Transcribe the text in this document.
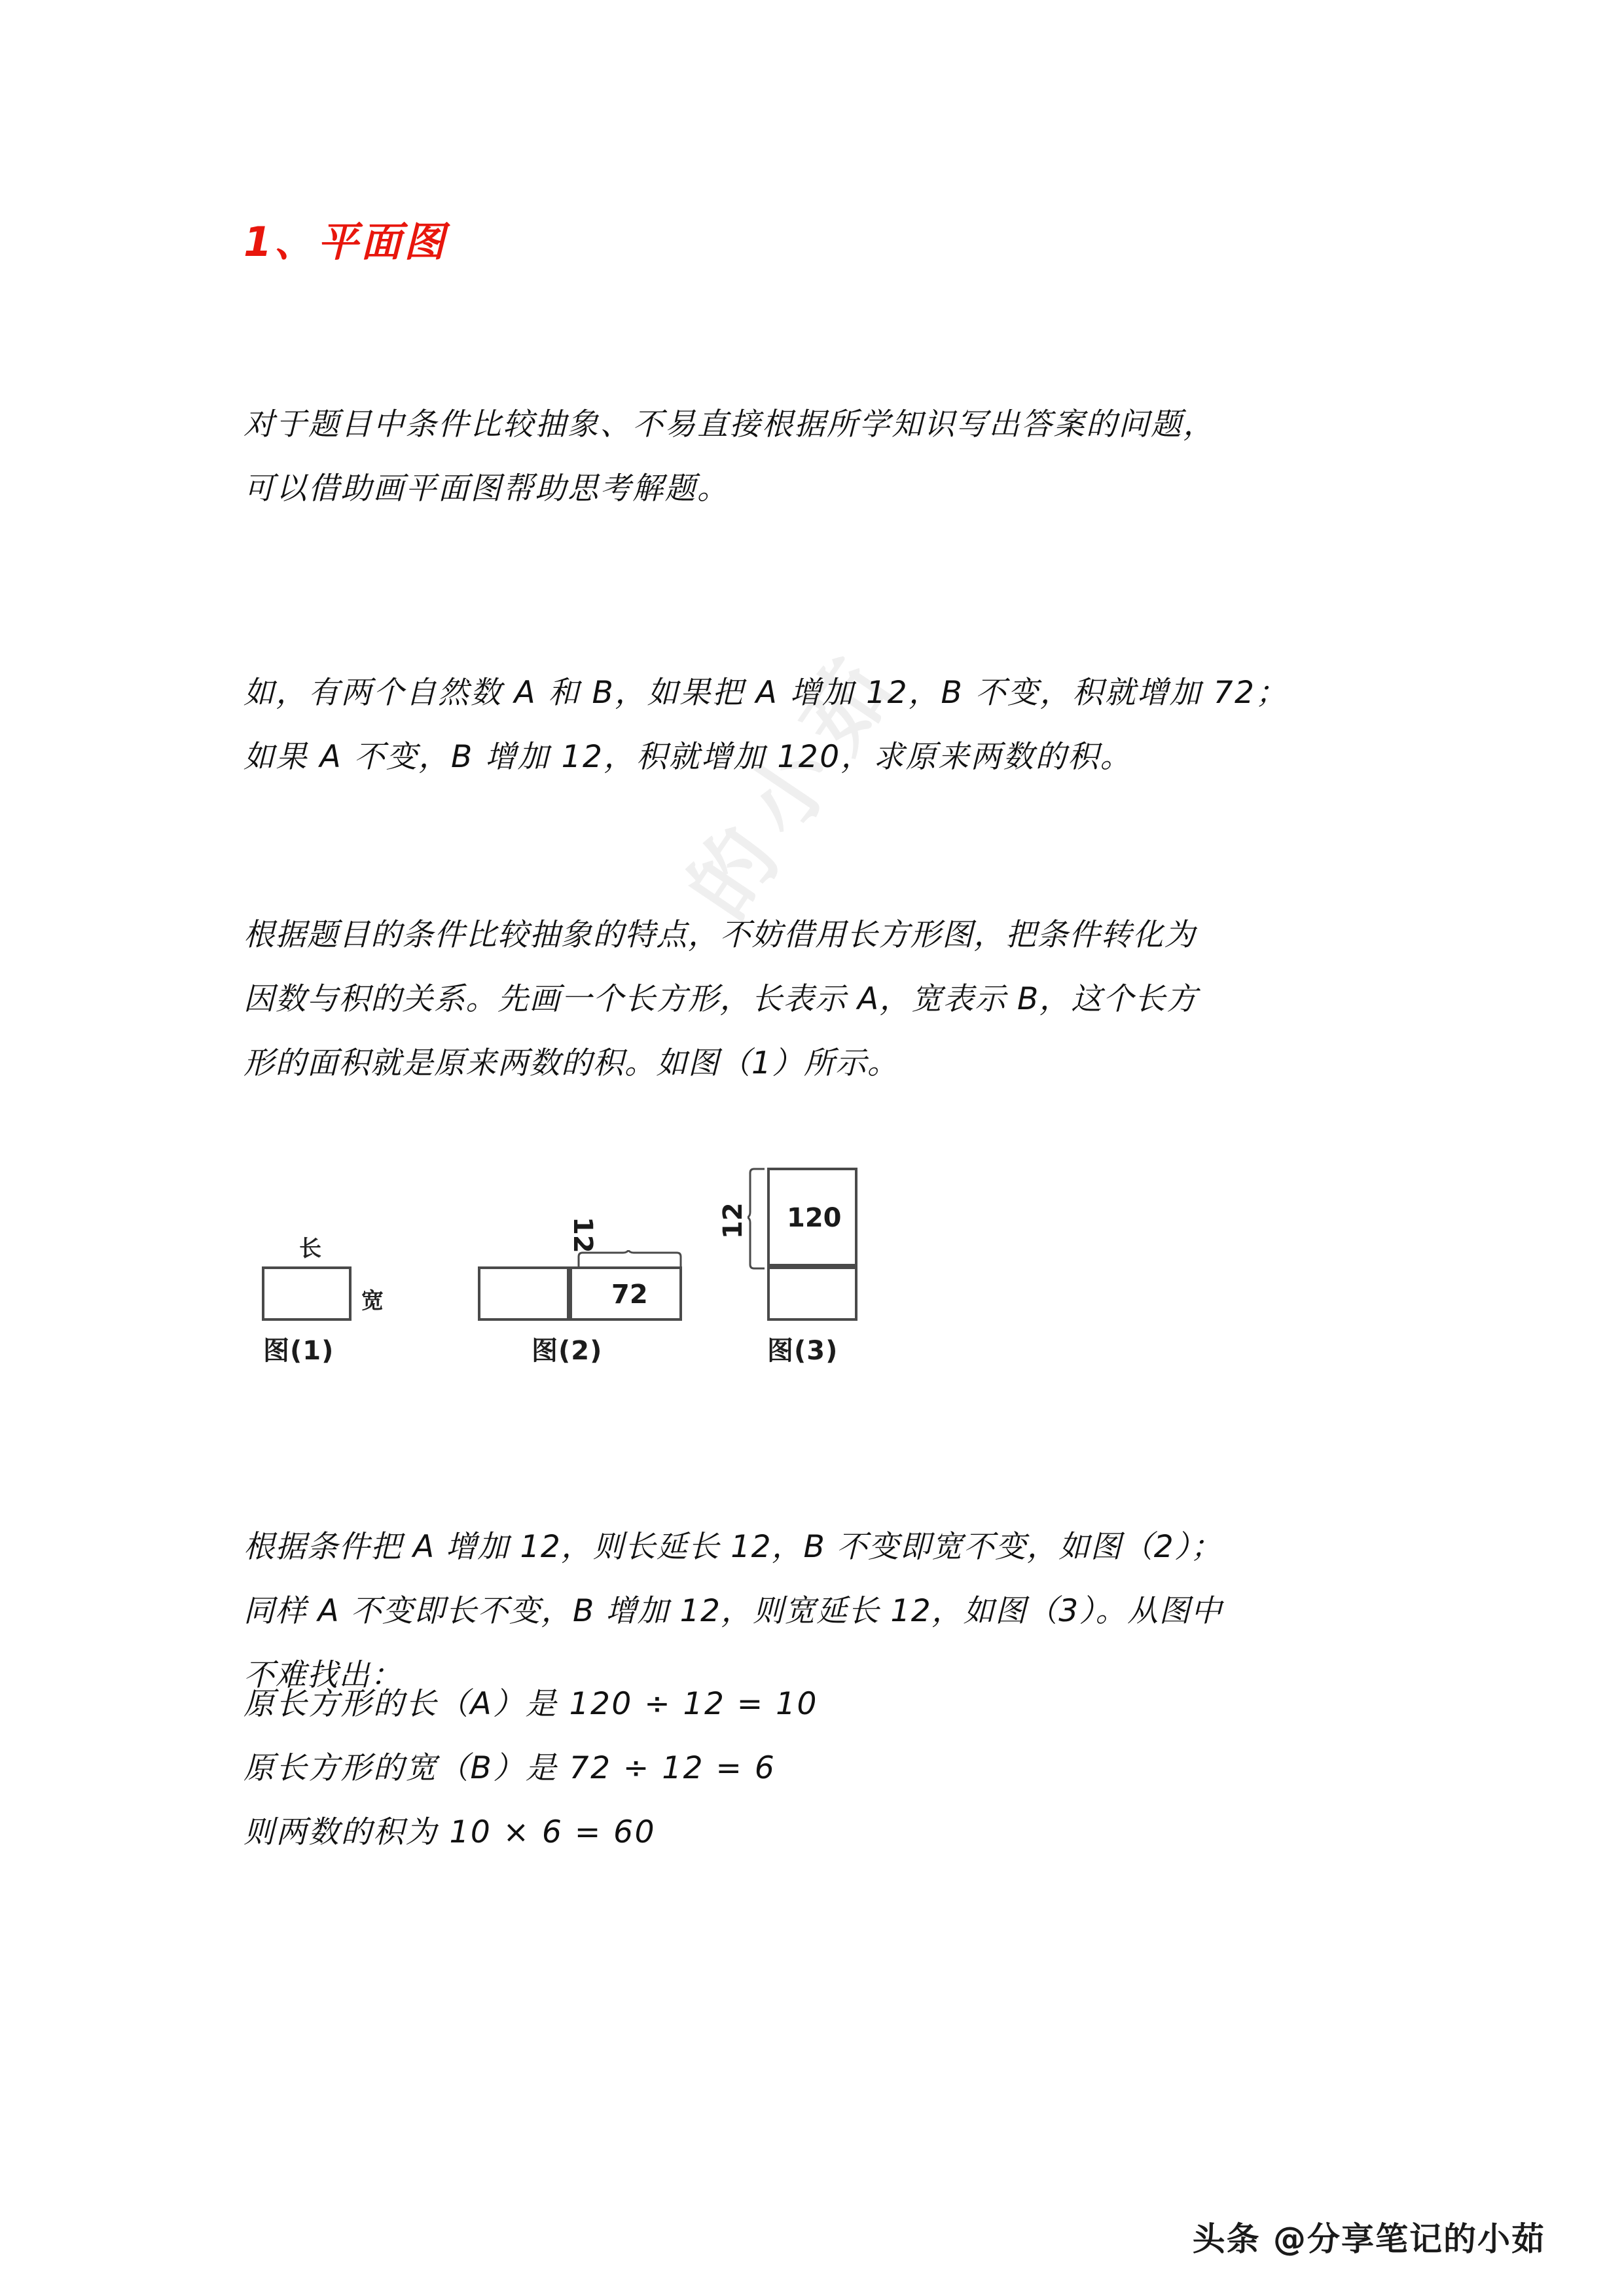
的小茹
1、平面图
对于题目中条件比较抽象、不易直接根据所学知识写出答案的问题，
可以借助画平面图帮助思考解题。
如，有两个自然数 A 和 B，如果把 A 增加 12，B 不变，积就增加 72；
如果 A 不变，B 增加 12，积就增加 120，求原来两数的积。
根据题目的条件比较抽象的特点，不妨借用长方形图，把条件转化为
因数与积的关系。先画一个长方形，长表示 A，宽表示 B，这个长方
形的面积就是原来两数的积。如图（1）所示。
长
宽
图(1)
12
72
图(2)
12 120
图(3)
根据条件把 A 增加 12，则长延长 12，B 不变即宽不变，如图（2）；
同样 A 不变即长不变，B 增加 12，则宽延长 12，如图（3）。从图中
不难找出：
原长方形的长（A）是 120 ÷ 12 = 10
原长方形的宽（B）是 72 ÷ 12 = 6
则两数的积为 10 × 6 = 60
头条 @分享笔记的小茹
